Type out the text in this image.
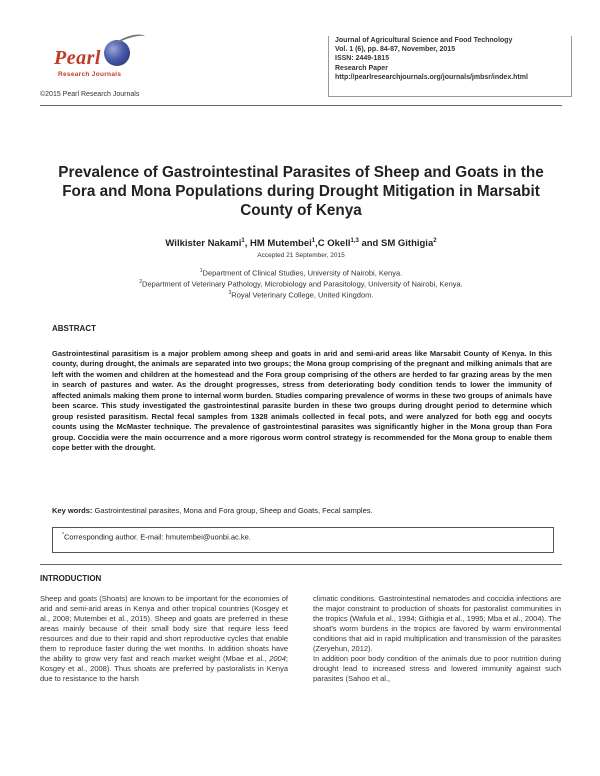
Pearl
Research Journals
©2015 Pearl Research Journals
Journal of Agricultural Science and Food Technology
Vol. 1 (6), pp. 84-87, November, 2015
ISSN: 2449-1815
Research Paper
http://pearlresearchjournals.org/journals/jmbsr/index.html
Prevalence of Gastrointestinal Parasites of Sheep and Goats in the Fora and Mona Populations during Drought Mitigation in Marsabit County of Kenya
Wilkister Nakami$^1$, HM Mutembei$^1$,C Okell$^{1,3}$ and SM Githigia$^2$
Accepted 21 September, 2015
$^1$Department of Clinical Studies, University of Nairobi, Kenya.
$^2$Department of Veterinary Pathology, Microbiology and Parasitology, University of Nairobi, Kenya.
$^3$Royal Veterinary College, United Kingdom.
ABSTRACT
Gastrointestinal parasitism is a major problem among sheep and goats in arid and semi-arid areas like Marsabit County of Kenya. In this county, during drought, the animals are separated into two groups; the Mona group comprising of the pregnant and milking animals that are left with the women and children at the homestead and the Fora group comprising of the others are herded to far grazing areas by the men in search of pastures and water. As the drought progresses, stress from deteriorating body condition tends to lower the immunity of affected animals making them prone to internal worm burden. Studies comparing prevalence of worms in these two groups of animals have been scarce. This study investigated the gastrointestinal parasite burden in these two groups during drought period to determine which group resisted parasitism. Rectal fecal samples from 1328 animals collected in fecal pots, and were analyzed for both egg and oocyts counts using the McMaster technique. The prevalence of gastrointestinal parasites was significantly higher in the Mona group than Fora group. Coccidia were the main occurrence and a more rigorous worm control strategy is recommended for the Mona group to enable them cope better with the drought.
Key words: Gastrointestinal parasites, Mona and Fora group, Sheep and Goats, Fecal samples.
*Corresponding author. E-mail: hmutembei@uonbi.ac.ke.
INTRODUCTION
Sheep and goats (Shoats) are known to be important for the economies of arid and semi-arid areas in Kenya and other tropical countries (Kosgey et al., 2008; Mutembei et al., 2015). Sheep and goats are preferred in these areas mainly because of their small body size that require less feed resources and due to their rapid and short reproductive cycles that enable them to reproduce faster during the wet months. In addition shoats have the ability to grow very fast and reach market weight (Mbae et al., 2004; Kosgey et al., 2008). Thus shoats are preferred by pastoralists in Kenya due to resistance to the harsh
climatic conditions. Gastrointestinal nematodes and coccidia infections are the major constraint to production of shoats for pastoralist communities in the tropics (Wafula et al., 1994; Githigia et al., 1995; Mba et al., 2004). The shoat's worm burdens in the tropics are favored by warm environmental conditions that aid in rapid multiplication and transmission of the parasites (Zeryehun, 2012).
In addition poor body condition of the animals due to poor nutrition during drought lead to increased stress and lowered immunity against such parasites (Sahoo et al.,
